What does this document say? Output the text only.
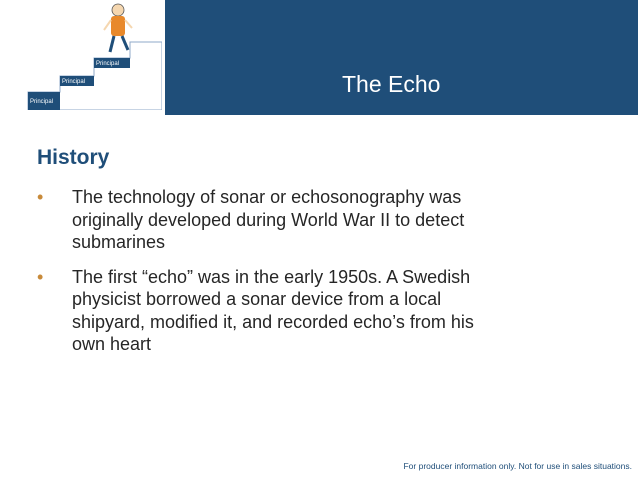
The Echo
Principal
Principal
Principal
History
• The technology of sonar or echosonography was
originally developed during World War II to detect
submarines
• The first “echo” was in the early 1950s. A Swedish
physicist borrowed a sonar device from a local
shipyard, modified it, and recorded echo’s from his
own heart
For producer information only. Not for use in sales situations.
